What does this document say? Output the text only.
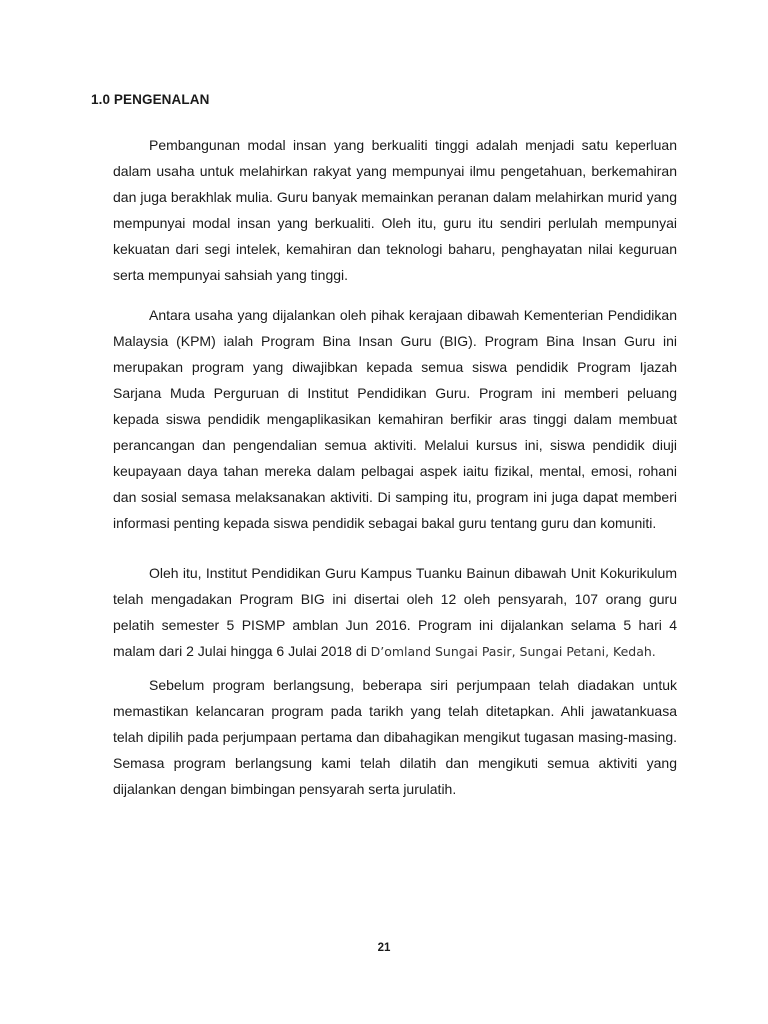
1.0 PENGENALAN

Pembangunan modal insan yang berkualiti tinggi adalah menjadi satu keperluan dalam usaha untuk melahirkan rakyat yang mempunyai ilmu pengetahuan, berkemahiran dan juga berakhlak mulia. Guru banyak memainkan peranan dalam melahirkan murid yang mempunyai modal insan yang berkualiti. Oleh itu, guru itu sendiri perlulah mempunyai kekuatan dari segi intelek, kemahiran dan teknologi baharu, penghayatan nilai keguruan serta mempunyai sahsiah yang tinggi.

Antara usaha yang dijalankan oleh pihak kerajaan dibawah Kementerian Pendidikan Malaysia (KPM) ialah Program Bina Insan Guru (BIG). Program Bina Insan Guru ini merupakan program yang diwajibkan kepada semua siswa pendidik Program Ijazah Sarjana Muda Perguruan di Institut Pendidikan Guru. Program ini memberi peluang kepada siswa pendidik mengaplikasikan kemahiran berfikir aras tinggi dalam membuat perancangan dan pengendalian semua aktiviti. Melalui kursus ini, siswa pendidik diuji keupayaan daya tahan mereka dalam pelbagai aspek iaitu fizikal, mental, emosi, rohani dan sosial semasa melaksanakan aktiviti. Di samping itu, program ini juga dapat memberi informasi penting kepada siswa pendidik sebagai bakal guru tentang guru dan komuniti.

Oleh itu, Institut Pendidikan Guru Kampus Tuanku Bainun dibawah Unit Kokurikulum telah mengadakan Program BIG ini disertai oleh 12 oleh pensyarah, 107 orang guru pelatih semester 5 PISMP amblan Jun 2016. Program ini dijalankan selama 5 hari 4 malam dari 2 Julai hingga 6 Julai 2018 di D’omland Sungai Pasir, Sungai Petani, Kedah.

Sebelum program berlangsung, beberapa siri perjumpaan telah diadakan untuk memastikan kelancaran program pada tarikh yang telah ditetapkan. Ahli jawatankuasa telah dipilih pada perjumpaan pertama dan dibahagikan mengikut tugasan masing-masing. Semasa program berlangsung kami telah dilatih dan mengikuti semua aktiviti yang dijalankan dengan bimbingan pensyarah serta jurulatih.

21
